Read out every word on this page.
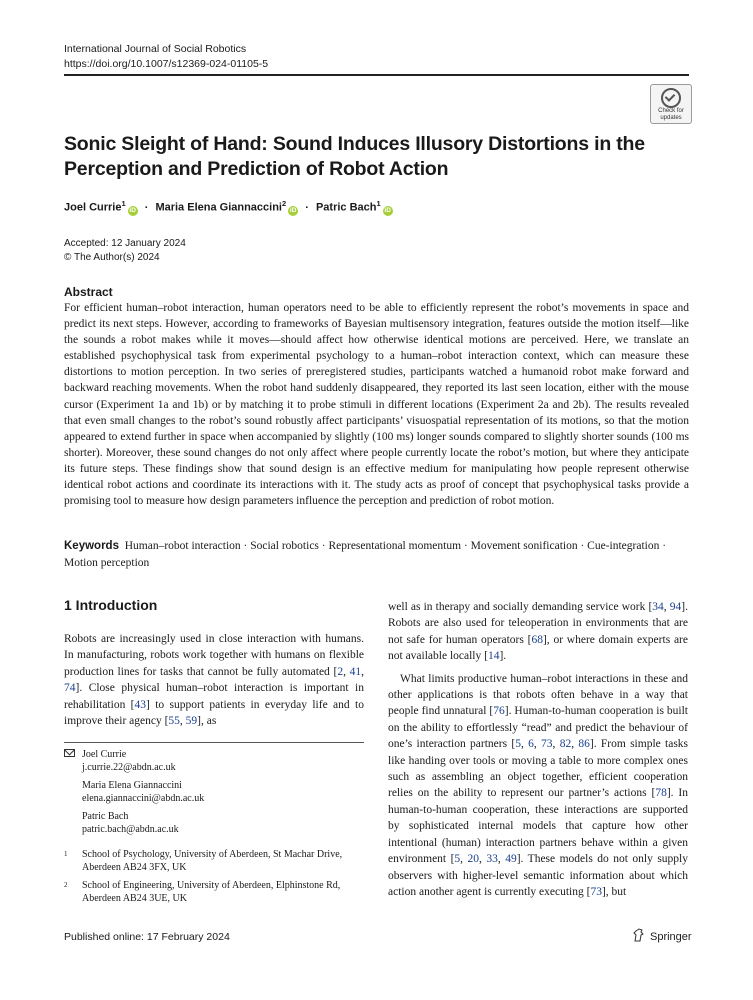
International Journal of Social Robotics
https://doi.org/10.1007/s12369-024-01105-5
Check for
updates
Sonic Sleight of Hand: Sound Induces Illusory Distortions in the Perception and Prediction of Robot Action
Joel Currie$^1$iD · Maria Elena Giannaccini$^2$iD · Patric Bach$^1$iD
Accepted: 12 January 2024
© The Author(s) 2024
Abstract
For efficient human–robot interaction, human operators need to be able to efficiently represent the robot’s movements in space and predict its next steps. However, according to frameworks of Bayesian multisensory integration, features outside the motion itself—like the sounds a robot makes while it moves—should affect how otherwise identical motions are perceived. Here, we translate an established psychophysical task from experimental psychology to a human–robot interaction context, which can measure these distortions to motion perception. In two series of preregistered studies, participants watched a humanoid robot make forward and backward reaching movements. When the robot hand suddenly disappeared, they reported its last seen location, either with the mouse cursor (Experiment 1a and 1b) or by matching it to probe stimuli in different locations (Experiment 2a and 2b). The results revealed that even small changes to the robot’s sound robustly affect participants’ visuospatial representation of its motions, so that the motion appeared to extend further in space when accompanied by slightly (100 ms) longer sounds compared to slightly shorter sounds (100 ms shorter). Moreover, these sound changes do not only affect where people currently locate the robot’s motion, but where they anticipate its future steps. These findings show that sound design is an effective medium for manipulating how people represent otherwise identical robot actions and coordinate its interactions with it. The study acts as proof of concept that psychophysical tasks provide a promising tool to measure how design parameters influence the perception and prediction of robot motion.
Keywords Human–robot interaction · Social robotics · Representational momentum · Movement sonification · Cue-integration · Motion perception
1 Introduction

Robots are increasingly used in close interaction with humans. In manufacturing, robots work together with humans on flexible production lines for tasks that cannot be fully automated [2, 41, 74]. Close physical human–robot interaction is important in rehabilitation [43] to support patients in everyday life and to improve their agency [55, 59], as

well as in therapy and socially demanding service work [34, 94]. Robots are also used for teleoperation in environments that are not safe for human operators [68], or where domain experts are not available locally [14].

What limits productive human–robot interactions in these and other applications is that robots often behave in a way that people find unnatural [76]. Human-to-human cooperation is built on the ability to effortlessly “read” and predict the behaviour of one’s interaction partners [5, 6, 73, 82, 86]. From simple tasks like handing over tools or moving a table to more complex ones such as assembling an object together, efficient cooperation relies on the ability to represent our partner’s actions [78]. In human-to-human cooperation, these interactions are supported by sophisticated internal models that capture how other intentional (human) interaction partners behave within a given environment [5, 20, 33, 49]. These models do not only supply observers with higher-level semantic information about which action another agent is currently executing [73], but

Joel Currie
j.currie.22@abdn.ac.uk
Maria Elena Giannaccini
elena.giannaccini@abdn.ac.uk
Patric Bach
patric.bach@abdn.ac.uk
1 School of Psychology, University of Aberdeen, St Machar Drive, Aberdeen AB24 3FX, UK
2 School of Engineering, University of Aberdeen, Elphinstone Rd, Aberdeen AB24 3UE, UK
Published online: 17 February 2024	Springer
